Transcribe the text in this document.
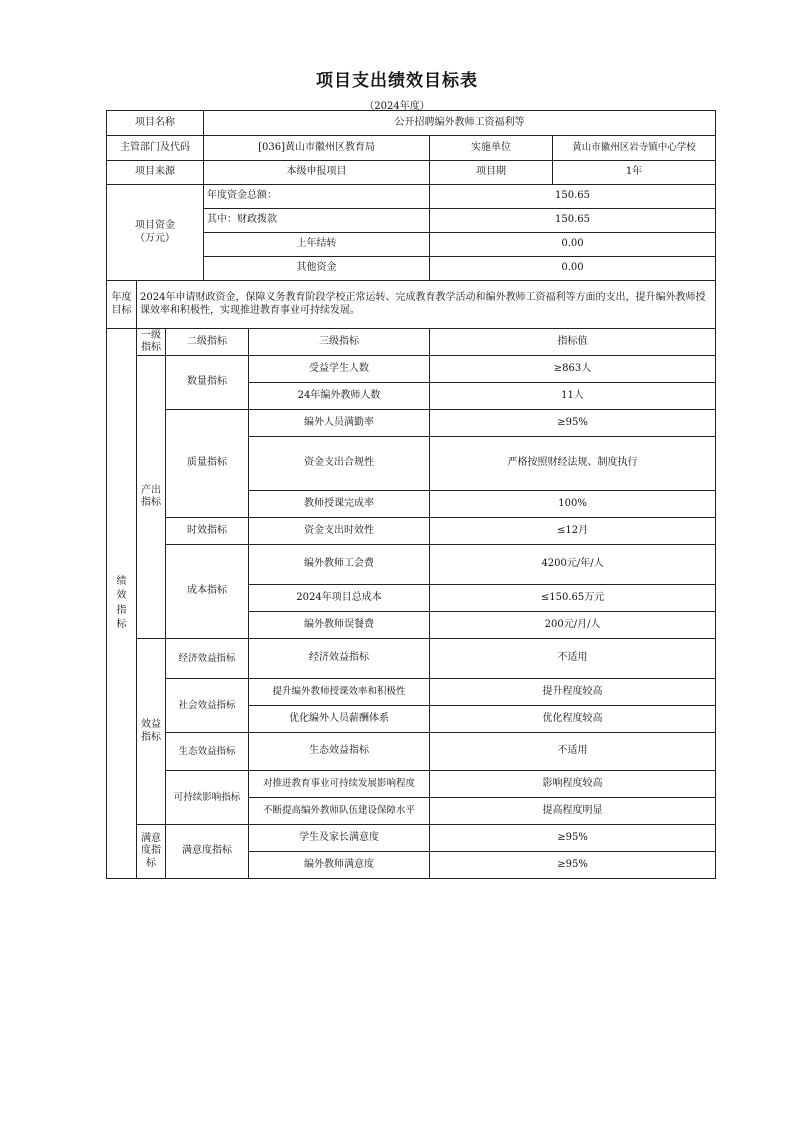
项目支出绩效目标表
（2024年度）
项目名称			公开招聘编外教师工资福利等			
主管部门及代码			[036]黄山市徽州区教育局		实施单位	黄山市徽州区岩寺镇中心学校
项目来源			本级申报项目		项目期	1年
项目资金
（万元）			年度资金总额：		150.65	
			其中：财政拨款		150.65	
			上年结转		0.00	
			其他资金		0.00	
年度目标	2024年申请财政资金，保障义务教育阶段学校正常运转、完成教育教学活动和编外教师工资福利等方面的支出，提升编外教师授课效率和积极性，实现推进教育事业可持续发展。					

绩效指标	一级指标	二级指标		三级指标	指标值	
	产出指标	数量指标		受益学生人数	≥863人	
				24年编外教师人数	11人	
		质量指标		编外人员满勤率	≥95%	
				资金支出合规性	严格按照财经法规、制度执行	
				教师授课完成率	100%	
		时效指标		资金支出时效性	≤12月	
		成本指标		编外教师工会费	4200元/年/人	
				2024年项目总成本	≤150.65万元	
				编外教师误餐费	200元/月/人	
	效益指标	经济效益指标		经济效益指标	不适用	
		社会效益指标		提升编外教师授课效率和积极性	提升程度较高	
				优化编外人员薪酬体系	优化程度较高	
		生态效益指标		生态效益指标	不适用	
		可持续影响指标		对推进教育事业可持续发展影响程度	影响程度较高	
				不断提高编外教师队伍建设保障水平	提高程度明显	
	满意度指标	满意度指标		学生及家长满意度	≥95%	
				编外教师满意度	≥95%	
